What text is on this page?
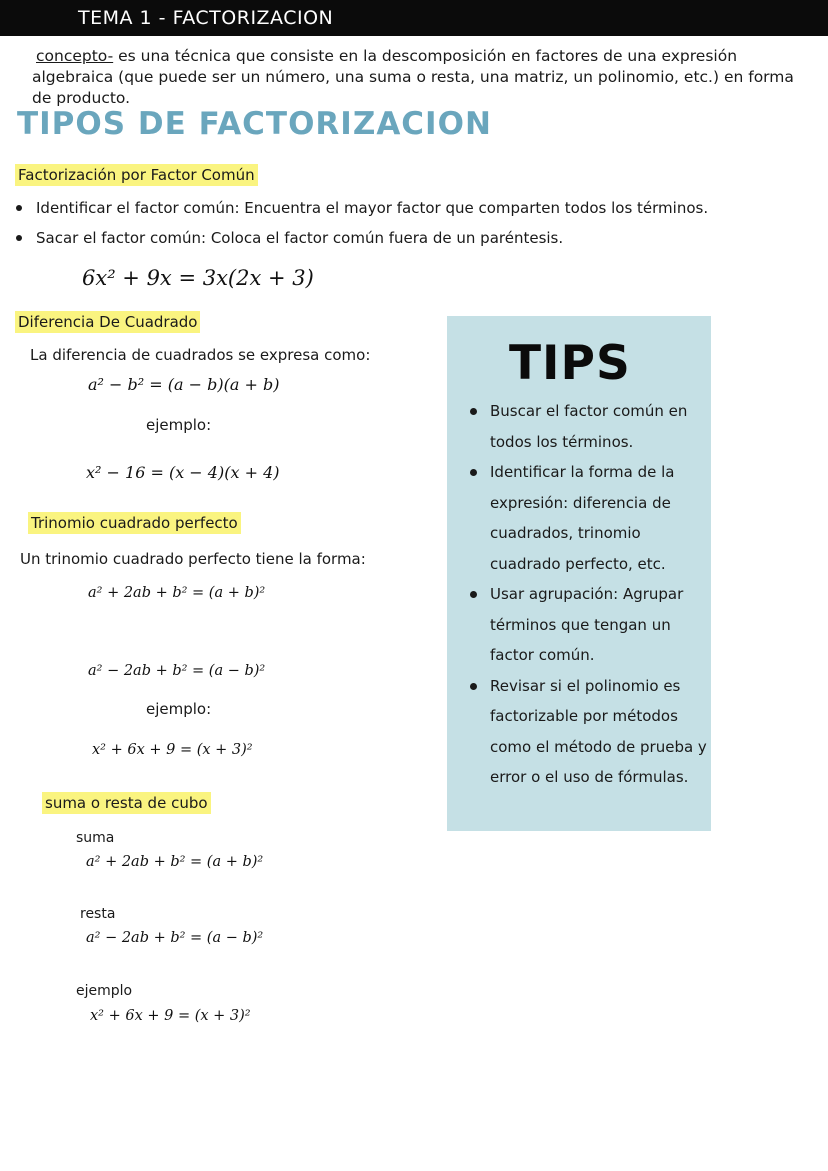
TEMA 1 - FACTORIZACION
concepto- es una técnica que consiste en la descomposición en factores de una expresión algebraica (que puede ser un número, una suma o resta, una matriz, un polinomio, etc.) en forma de producto.
TIPOS DE FACTORIZACION
Factorización por Factor Común
Identificar el factor común: Encuentra el mayor factor que comparten todos los términos.
Sacar el factor común: Coloca el factor común fuera de un paréntesis.
6x² + 9x = 3x(2x + 3)
Diferencia De Cuadrado
La diferencia de cuadrados se expresa como:
a² − b² = (a − b)(a + b)
ejemplo:
x² − 16 = (x − 4)(x + 4)
Trinomio cuadrado perfecto
Un trinomio cuadrado perfecto tiene la forma:
a² + 2ab + b² = (a + b)²
a² − 2ab + b² = (a − b)²
ejemplo:
x² + 6x + 9 = (x + 3)²
suma o resta de cubo
suma
a² + 2ab + b² = (a + b)²
resta
a² − 2ab + b² = (a − b)²
ejemplo
x² + 6x + 9 = (x + 3)²
TIPS
Buscar el factor común en todos los términos.
Identificar la forma de la expresión: diferencia de cuadrados, trinomio cuadrado perfecto, etc.
Usar agrupación: Agrupar términos que tengan un factor común.
Revisar si el polinomio es factorizable por métodos como el método de prueba y error o el uso de fórmulas.
